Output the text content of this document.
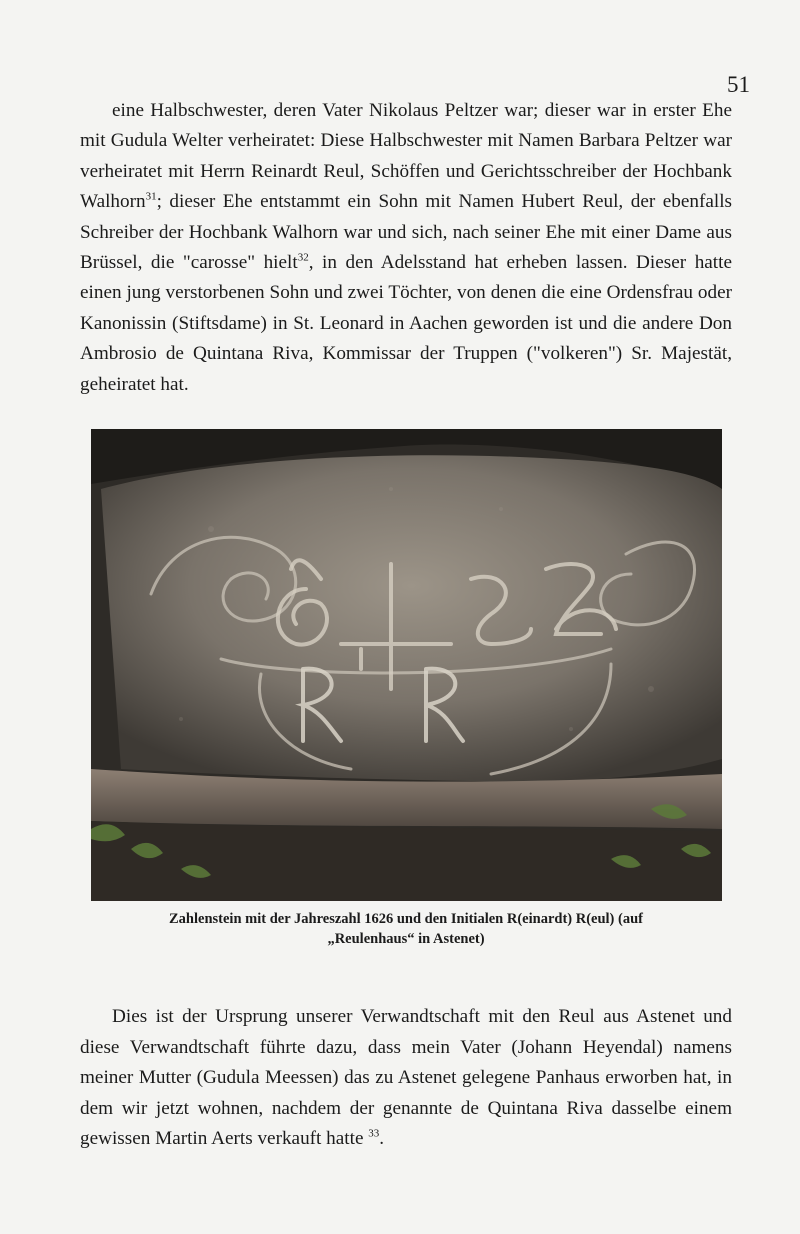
51

eine Halbschwester, deren Vater Nikolaus Peltzer war; dieser war in erster Ehe mit Gudula Welter verheiratet: Diese Halbschwester mit Namen Barbara Peltzer war verheiratet mit Herrn Reinardt Reul, Schöffen und Gerichtsschreiber der Hochbank Walhorn$^{31}$; dieser Ehe entstammt ein Sohn mit Namen Hubert Reul, der ebenfalls Schreiber der Hochbank Walhorn war und sich, nach seiner Ehe mit einer Dame aus Brüssel, die "carosse" hielt$^{32}$, in den Adelsstand hat erheben lassen. Dieser hatte einen jung verstorbenen Sohn und zwei Töchter, von denen die eine Ordensfrau oder Kanonissin (Stiftsdame) in St. Leonard in Aachen geworden ist und die andere Don Ambrosio de Quintana Riva, Kommissar der Truppen ("volkeren") Sr. Majestät, geheiratet hat.

Zahlenstein mit der Jahreszahl 1626 und den Initialen R(einardt) R(eul) (auf
„Reulenhaus“ in Astenet)

Dies ist der Ursprung unserer Verwandtschaft mit den Reul aus Astenet und diese Verwandtschaft führte dazu, dass mein Vater (Johann Heyendal) namens meiner Mutter (Gudula Meessen) das zu Astenet gelegene Panhaus erworben hat, in dem wir jetzt wohnen, nachdem der genannte de Quintana Riva dasselbe einem gewissen Martin Aerts verkauft hatte $^{33}$.
